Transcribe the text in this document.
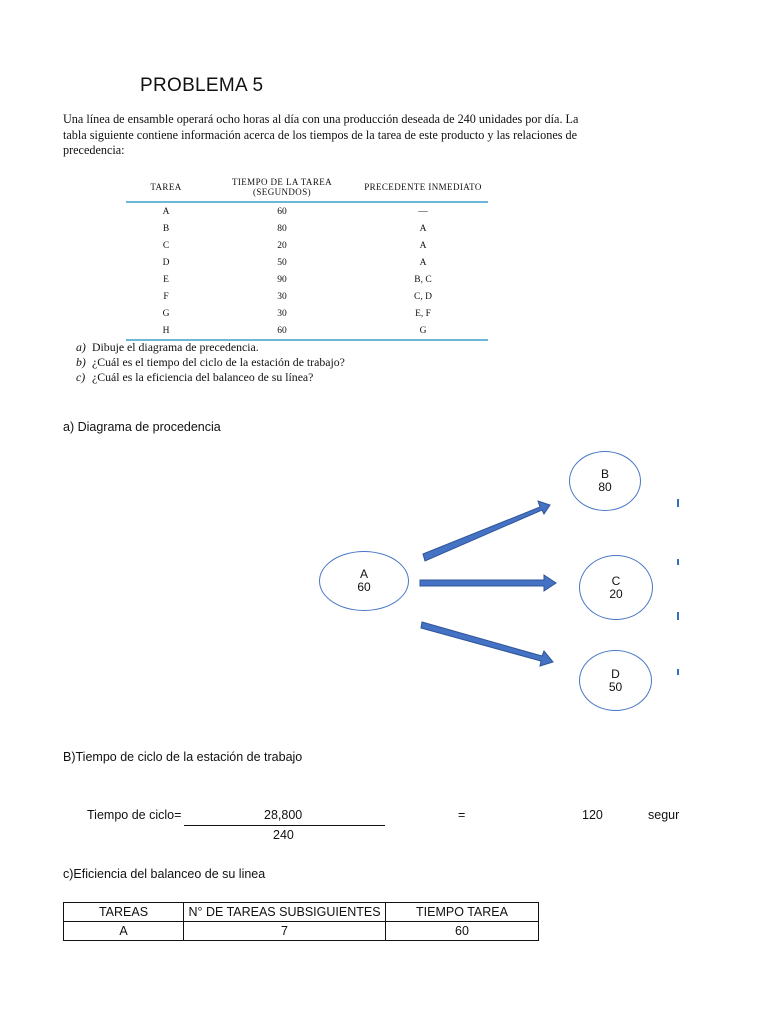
PROBLEMA 5
Una línea de ensamble operará ocho horas al día con una producción deseada de 240 unidades por día. La tabla siguiente contiene información acerca de los tiempos de la tarea de este producto y las relaciones de precedencia:
TAREA	TIEMPO DE LA TAREA (SEGUNDOS)	PRECEDENTE INMEDIATO
A	60	—
B	80	A
C	20	A
D	50	A
E	90	B, C
F	30	C, D
G	30	E, F
H	60	G
a) Dibuje el diagrama de precedencia.
b) ¿Cuál es el tiempo del ciclo de la estación de trabajo?
c) ¿Cuál es la eficiencia del balanceo de su línea?
a) Diagrama de procedencia
A
60
B
80
C
20
D
50
B)Tiempo de ciclo de la estación de trabajo
Tiempo de ciclo=	28,800
240
=	120	segur
c)Eficiencia del balanceo de su linea
TAREAS	N° DE TAREAS SUBSIGUIENTES	TIEMPO TAREA
A	7	60
